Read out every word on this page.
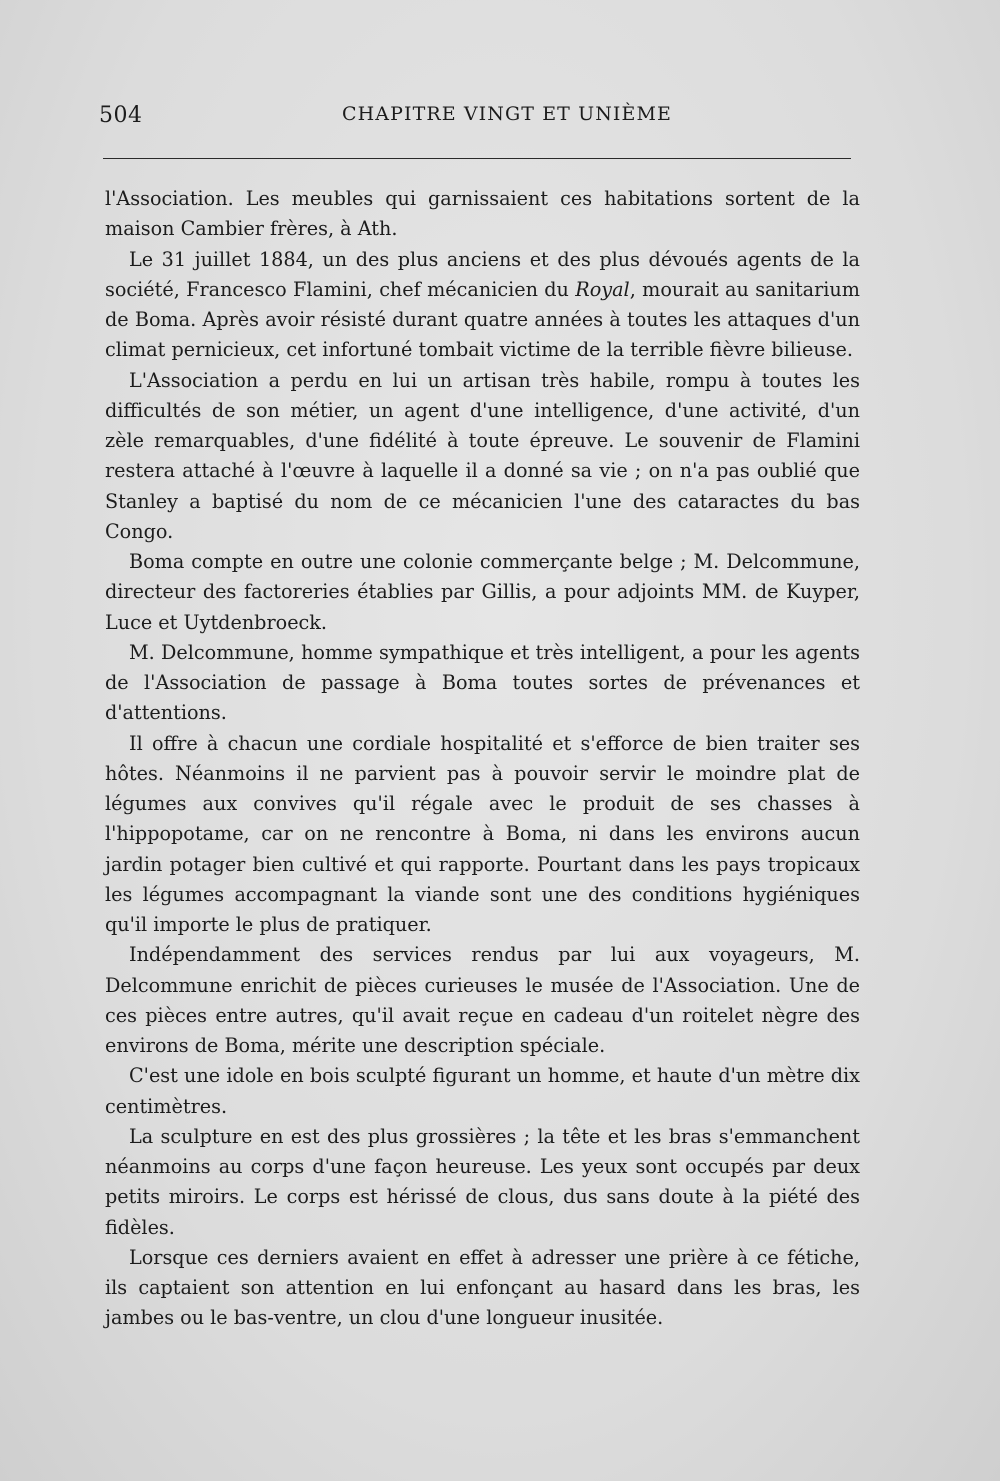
504	CHAPITRE VINGT ET UNIÈME

l'Association. Les meubles qui garnissaient ces habitations sortent de la maison Cambier frères, à Ath.

Le 31 juillet 1884, un des plus anciens et des plus dévoués agents de la société, Francesco Flamini, chef mécanicien du Royal, mourait au sanitarium de Boma. Après avoir résisté durant quatre années à toutes les attaques d'un climat pernicieux, cet infortuné tombait victime de la terrible fièvre bilieuse.

L'Association a perdu en lui un artisan très habile, rompu à toutes les difficultés de son métier, un agent d'une intelligence, d'une activité, d'un zèle remarquables, d'une fidélité à toute épreuve. Le souvenir de Flamini restera attaché à l'œuvre à laquelle il a donné sa vie ; on n'a pas oublié que Stanley a baptisé du nom de ce mécanicien l'une des cataractes du bas Congo.

Boma compte en outre une colonie commerçante belge ; M. Delcommune, directeur des factoreries établies par Gillis, a pour adjoints MM. de Kuyper, Luce et Uytdenbroeck.

M. Delcommune, homme sympathique et très intelligent, a pour les agents de l'Association de passage à Boma toutes sortes de prévenances et d'attentions.

Il offre à chacun une cordiale hospitalité et s'efforce de bien traiter ses hôtes. Néanmoins il ne parvient pas à pouvoir servir le moindre plat de légumes aux convives qu'il régale avec le produit de ses chasses à l'hippopotame, car on ne rencontre à Boma, ni dans les environs aucun jardin potager bien cultivé et qui rapporte. Pourtant dans les pays tropicaux les légumes accompagnant la viande sont une des conditions hygiéniques qu'il importe le plus de pratiquer.

Indépendamment des services rendus par lui aux voyageurs, M. Delcommune enrichit de pièces curieuses le musée de l'Association. Une de ces pièces entre autres, qu'il avait reçue en cadeau d'un roitelet nègre des environs de Boma, mérite une description spéciale.

C'est une idole en bois sculpté figurant un homme, et haute d'un mètre dix centimètres.

La sculpture en est des plus grossières ; la tête et les bras s'emmanchent néanmoins au corps d'une façon heureuse. Les yeux sont occupés par deux petits miroirs. Le corps est hérissé de clous, dus sans doute à la piété des fidèles.

Lorsque ces derniers avaient en effet à adresser une prière à ce fétiche, ils captaient son attention en lui enfonçant au hasard dans les bras, les jambes ou le bas-ventre, un clou d'une longueur inusitée.
